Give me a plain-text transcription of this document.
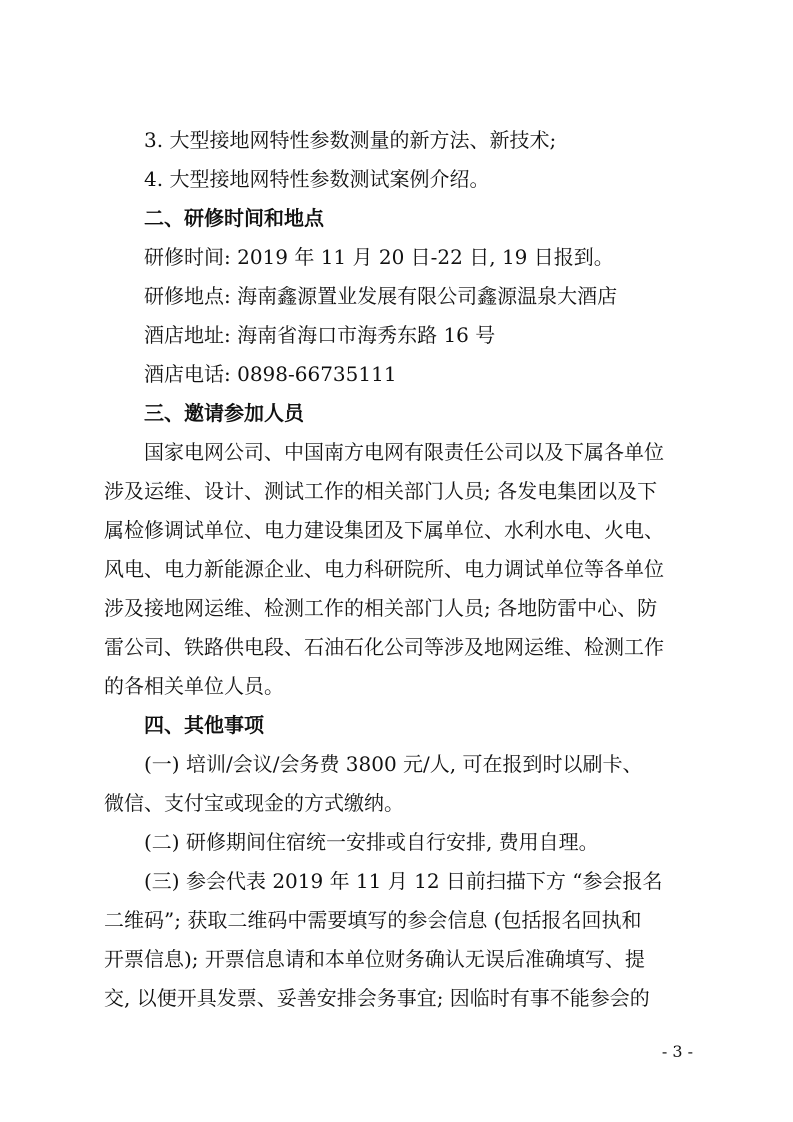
3. 大型接地网特性参数测量的新方法、新技术;
4. 大型接地网特性参数测试案例介绍。
二、研修时间和地点
研修时间: 2019 年 11 月 20 日-22 日, 19 日报到。
研修地点: 海南鑫源置业发展有限公司鑫源温泉大酒店
酒店地址: 海南省海口市海秀东路 16 号
酒店电话: 0898-66735111
三、邀请参加人员
国家电网公司、中国南方电网有限责任公司以及下属各单位
涉及运维、设计、测试工作的相关部门人员; 各发电集团以及下
属检修调试单位、电力建设集团及下属单位、水利水电、火电、
风电、电力新能源企业、电力科研院所、电力调试单位等各单位
涉及接地网运维、检测工作的相关部门人员; 各地防雷中心、防
雷公司、铁路供电段、石油石化公司等涉及地网运维、检测工作
的各相关单位人员。
四、其他事项
(一) 培训/会议/会务费 3800 元/人, 可在报到时以刷卡、
微信、支付宝或现金的方式缴纳。
(二) 研修期间住宿统一安排或自行安排, 费用自理。
(三) 参会代表 2019 年 11 月 12 日前扫描下方 “参会报名
二维码”; 获取二维码中需要填写的参会信息 (包括报名回执和
开票信息); 开票信息请和本单位财务确认无误后准确填写、提
交, 以便开具发票、妥善安排会务事宜; 因临时有事不能参会的
- 3 -
